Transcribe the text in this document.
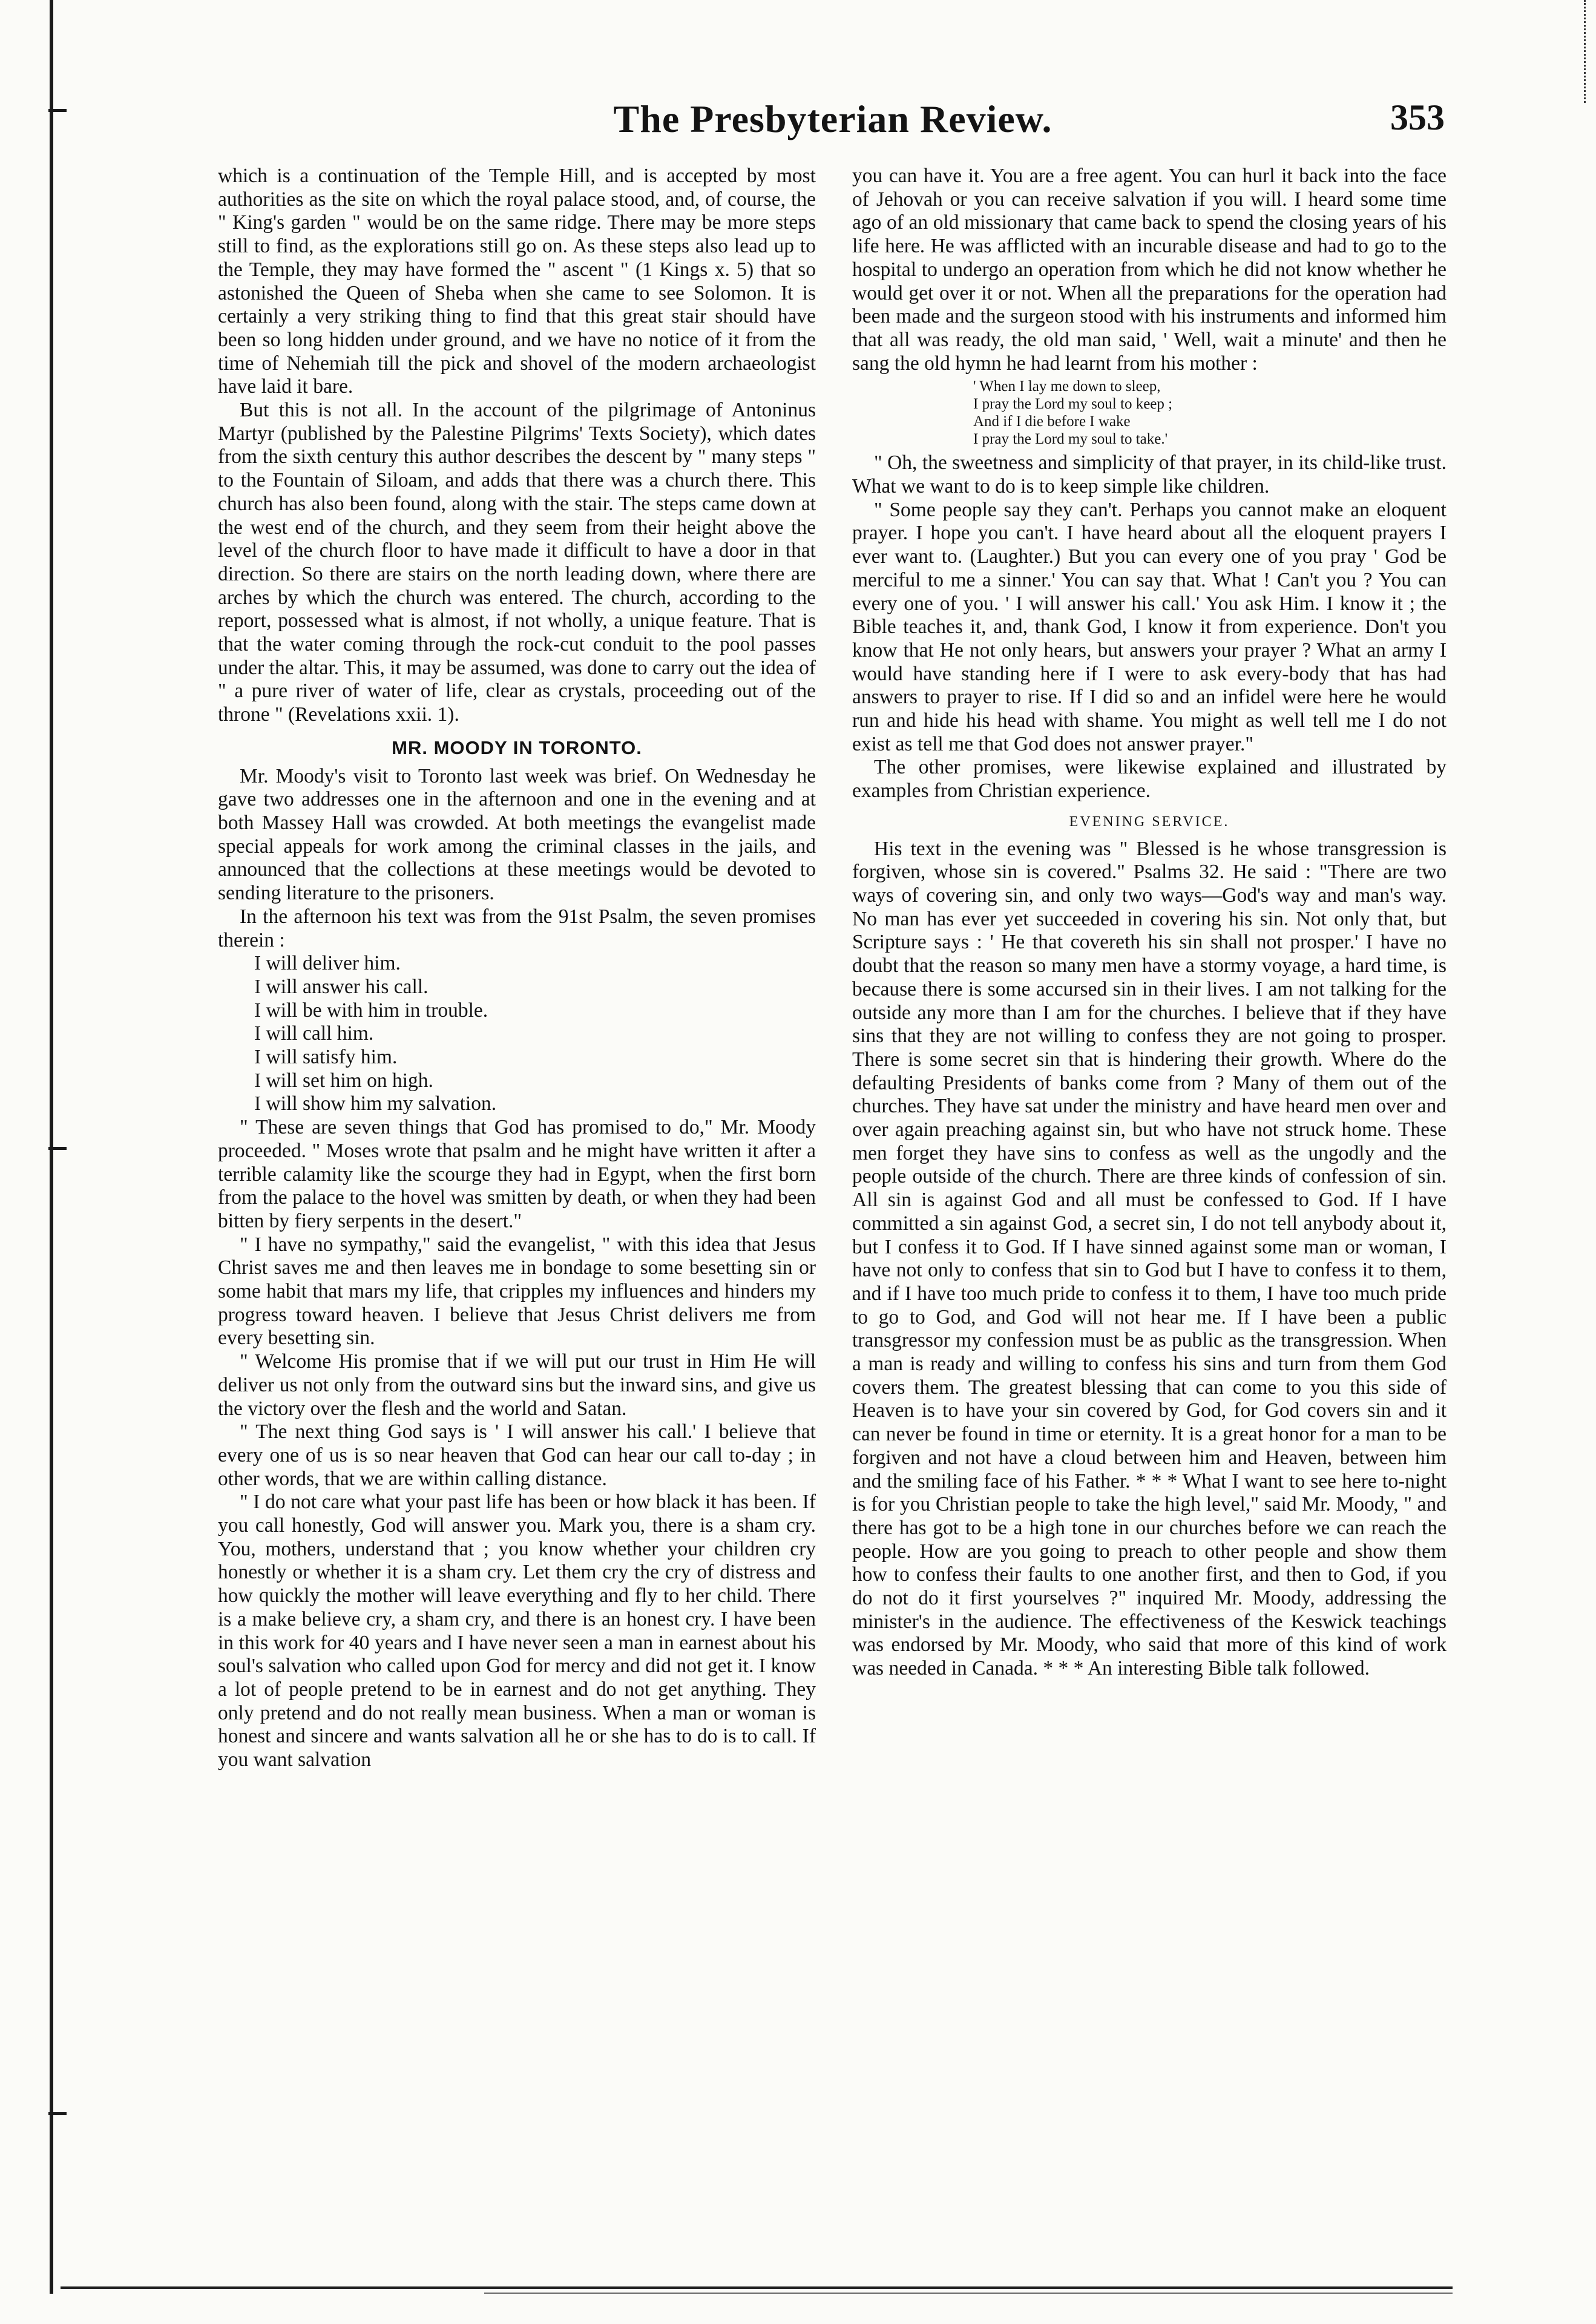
The Presbyterian Review.	353

which is a continuation of the Temple Hill, and is accepted by most authorities as the site on which the royal palace stood, and, of course, the " King's garden " would be on the same ridge. There may be more steps still to find, as the explorations still go on. As these steps also lead up to the Temple, they may have formed the " ascent " (1 Kings x. 5) that so astonished the Queen of Sheba when she came to see Solomon. It is certainly a very striking thing to find that this great stair should have been so long hidden under ground, and we have no notice of it from the time of Nehemiah till the pick and shovel of the modern archaeologist have laid it bare.

But this is not all. In the account of the pilgrimage of Antoninus Martyr (published by the Palestine Pilgrims' Texts Society), which dates from the sixth century this author describes the descent by " many steps " to the Fountain of Siloam, and adds that there was a church there. This church has also been found, along with the stair. The steps came down at the west end of the church, and they seem from their height above the level of the church floor to have made it difficult to have a door in that direction. So there are stairs on the north leading down, where there are arches by which the church was entered. The church, according to the report, possessed what is almost, if not wholly, a unique feature. That is that the water coming through the rock-cut conduit to the pool passes under the altar. This, it may be assumed, was done to carry out the idea of " a pure river of water of life, clear as crystals, proceeding out of the throne " (Revelations xxii. 1).

MR. MOODY IN TORONTO.

Mr. Moody's visit to Toronto last week was brief. On Wednesday he gave two addresses one in the afternoon and one in the evening and at both Massey Hall was crowded. At both meetings the evangelist made special appeals for work among the criminal classes in the jails, and announced that the collections at these meetings would be devoted to sending literature to the prisoners.

In the afternoon his text was from the 91st Psalm, the seven promises therein :

I will deliver him.
I will answer his call.
I will be with him in trouble.
I will call him.
I will satisfy him.
I will set him on high.
I will show him my salvation.

" These are seven things that God has promised to do," Mr. Moody proceeded. " Moses wrote that psalm and he might have written it after a terrible calamity like the scourge they had in Egypt, when the first born from the palace to the hovel was smitten by death, or when they had been bitten by fiery serpents in the desert."

" I have no sympathy," said the evangelist, " with this idea that Jesus Christ saves me and then leaves me in bondage to some besetting sin or some habit that mars my life, that cripples my influences and hinders my progress toward heaven. I believe that Jesus Christ delivers me from every besetting sin.

" Welcome His promise that if we will put our trust in Him He will deliver us not only from the outward sins but the inward sins, and give us the victory over the flesh and the world and Satan.

" The next thing God says is ' I will answer his call.' I believe that every one of us is so near heaven that God can hear our call to-day ; in other words, that we are within calling distance.

" I do not care what your past life has been or how black it has been. If you call honestly, God will answer you. Mark you, there is a sham cry. You, mothers, understand that ; you know whether your children cry honestly or whether it is a sham cry. Let them cry the cry of distress and how quickly the mother will leave everything and fly to her child. There is a make believe cry, a sham cry, and there is an honest cry. I have been in this work for 40 years and I have never seen a man in earnest about his soul's salvation who called upon God for mercy and did not get it. I know a lot of people pretend to be in earnest and do not get anything. They only pretend and do not really mean business. When a man or woman is honest and sincere and wants salvation all he or she has to do is to call. If you want salvation

you can have it. You are a free agent. You can hurl it back into the face of Jehovah or you can receive salvation if you will. I heard some time ago of an old missionary that came back to spend the closing years of his life here. He was afflicted with an incurable disease and had to go to the hospital to undergo an operation from which he did not know whether he would get over it or not. When all the preparations for the operation had been made and the surgeon stood with his instruments and informed him that all was ready, the old man said, ' Well, wait a minute' and then he sang the old hymn he had learnt from his mother :

' When I lay me down to sleep,
I pray the Lord my soul to keep ;
And if I die before I wake
I pray the Lord my soul to take.'

" Oh, the sweetness and simplicity of that prayer, in its child-like trust. What we want to do is to keep simple like children.

" Some people say they can't. Perhaps you cannot make an eloquent prayer. I hope you can't. I have heard about all the eloquent prayers I ever want to. (Laughter.) But you can every one of you pray ' God be merciful to me a sinner.' You can say that. What ! Can't you ? You can every one of you. ' I will answer his call.' You ask Him. I know it ; the Bible teaches it, and, thank God, I know it from experience. Don't you know that He not only hears, but answers your prayer ? What an army I would have standing here if I were to ask every-body that has had answers to prayer to rise. If I did so and an infidel were here he would run and hide his head with shame. You might as well tell me I do not exist as tell me that God does not answer prayer."

The other promises, were likewise explained and illustrated by examples from Christian experience.

EVENING SERVICE.

His text in the evening was " Blessed is he whose transgression is forgiven, whose sin is covered." Psalms 32. He said : "There are two ways of covering sin, and only two ways—God's way and man's way. No man has ever yet succeeded in covering his sin. Not only that, but Scripture says : ' He that covereth his sin shall not prosper.' I have no doubt that the reason so many men have a stormy voyage, a hard time, is because there is some accursed sin in their lives. I am not talking for the outside any more than I am for the churches. I believe that if they have sins that they are not willing to confess they are not going to prosper. There is some secret sin that is hindering their growth. Where do the defaulting Presidents of banks come from ? Many of them out of the churches. They have sat under the ministry and have heard men over and over again preaching against sin, but who have not struck home. These men forget they have sins to confess as well as the ungodly and the people outside of the church. There are three kinds of confession of sin. All sin is against God and all must be confessed to God. If I have committed a sin against God, a secret sin, I do not tell anybody about it, but I confess it to God. If I have sinned against some man or woman, I have not only to confess that sin to God but I have to confess it to them, and if I have too much pride to confess it to them, I have too much pride to go to God, and God will not hear me. If I have been a public transgressor my confession must be as public as the transgression. When a man is ready and willing to confess his sins and turn from them God covers them. The greatest blessing that can come to you this side of Heaven is to have your sin covered by God, for God covers sin and it can never be found in time or eternity. It is a great honor for a man to be forgiven and not have a cloud between him and Heaven, between him and the smiling face of his Father. * * * What I want to see here to-night is for you Christian people to take the high level," said Mr. Moody, " and there has got to be a high tone in our churches before we can reach the people. How are you going to preach to other people and show them how to confess their faults to one another first, and then to God, if you do not do it first yourselves ?" inquired Mr. Moody, addressing the minister's in the audience. The effectiveness of the Keswick teachings was endorsed by Mr. Moody, who said that more of this kind of work was needed in Canada. * * * An interesting Bible talk followed.
